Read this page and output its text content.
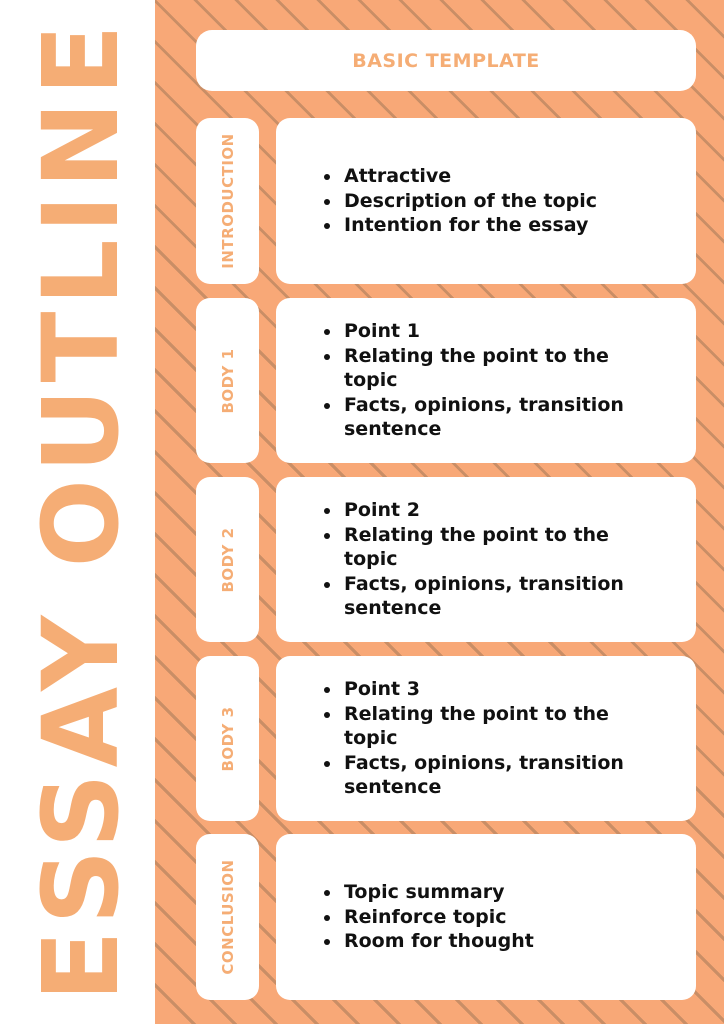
ESSAY OUTLINE	BASIC TEMPLATE
INTRODUCTION	Attractive
Description of the topic
Intention for the essay
BODY 1
Point 1
Relating the point to the topic
Facts, opinions, transition sentence
BODY 2
Point 2
Relating the point to the topic
Facts, opinions, transition sentence
BODY 3
Point 3
Relating the point to the topic
Facts, opinions, transition sentence
CONCLUSION	Topic summary
Reinforce topic
Room for thought
